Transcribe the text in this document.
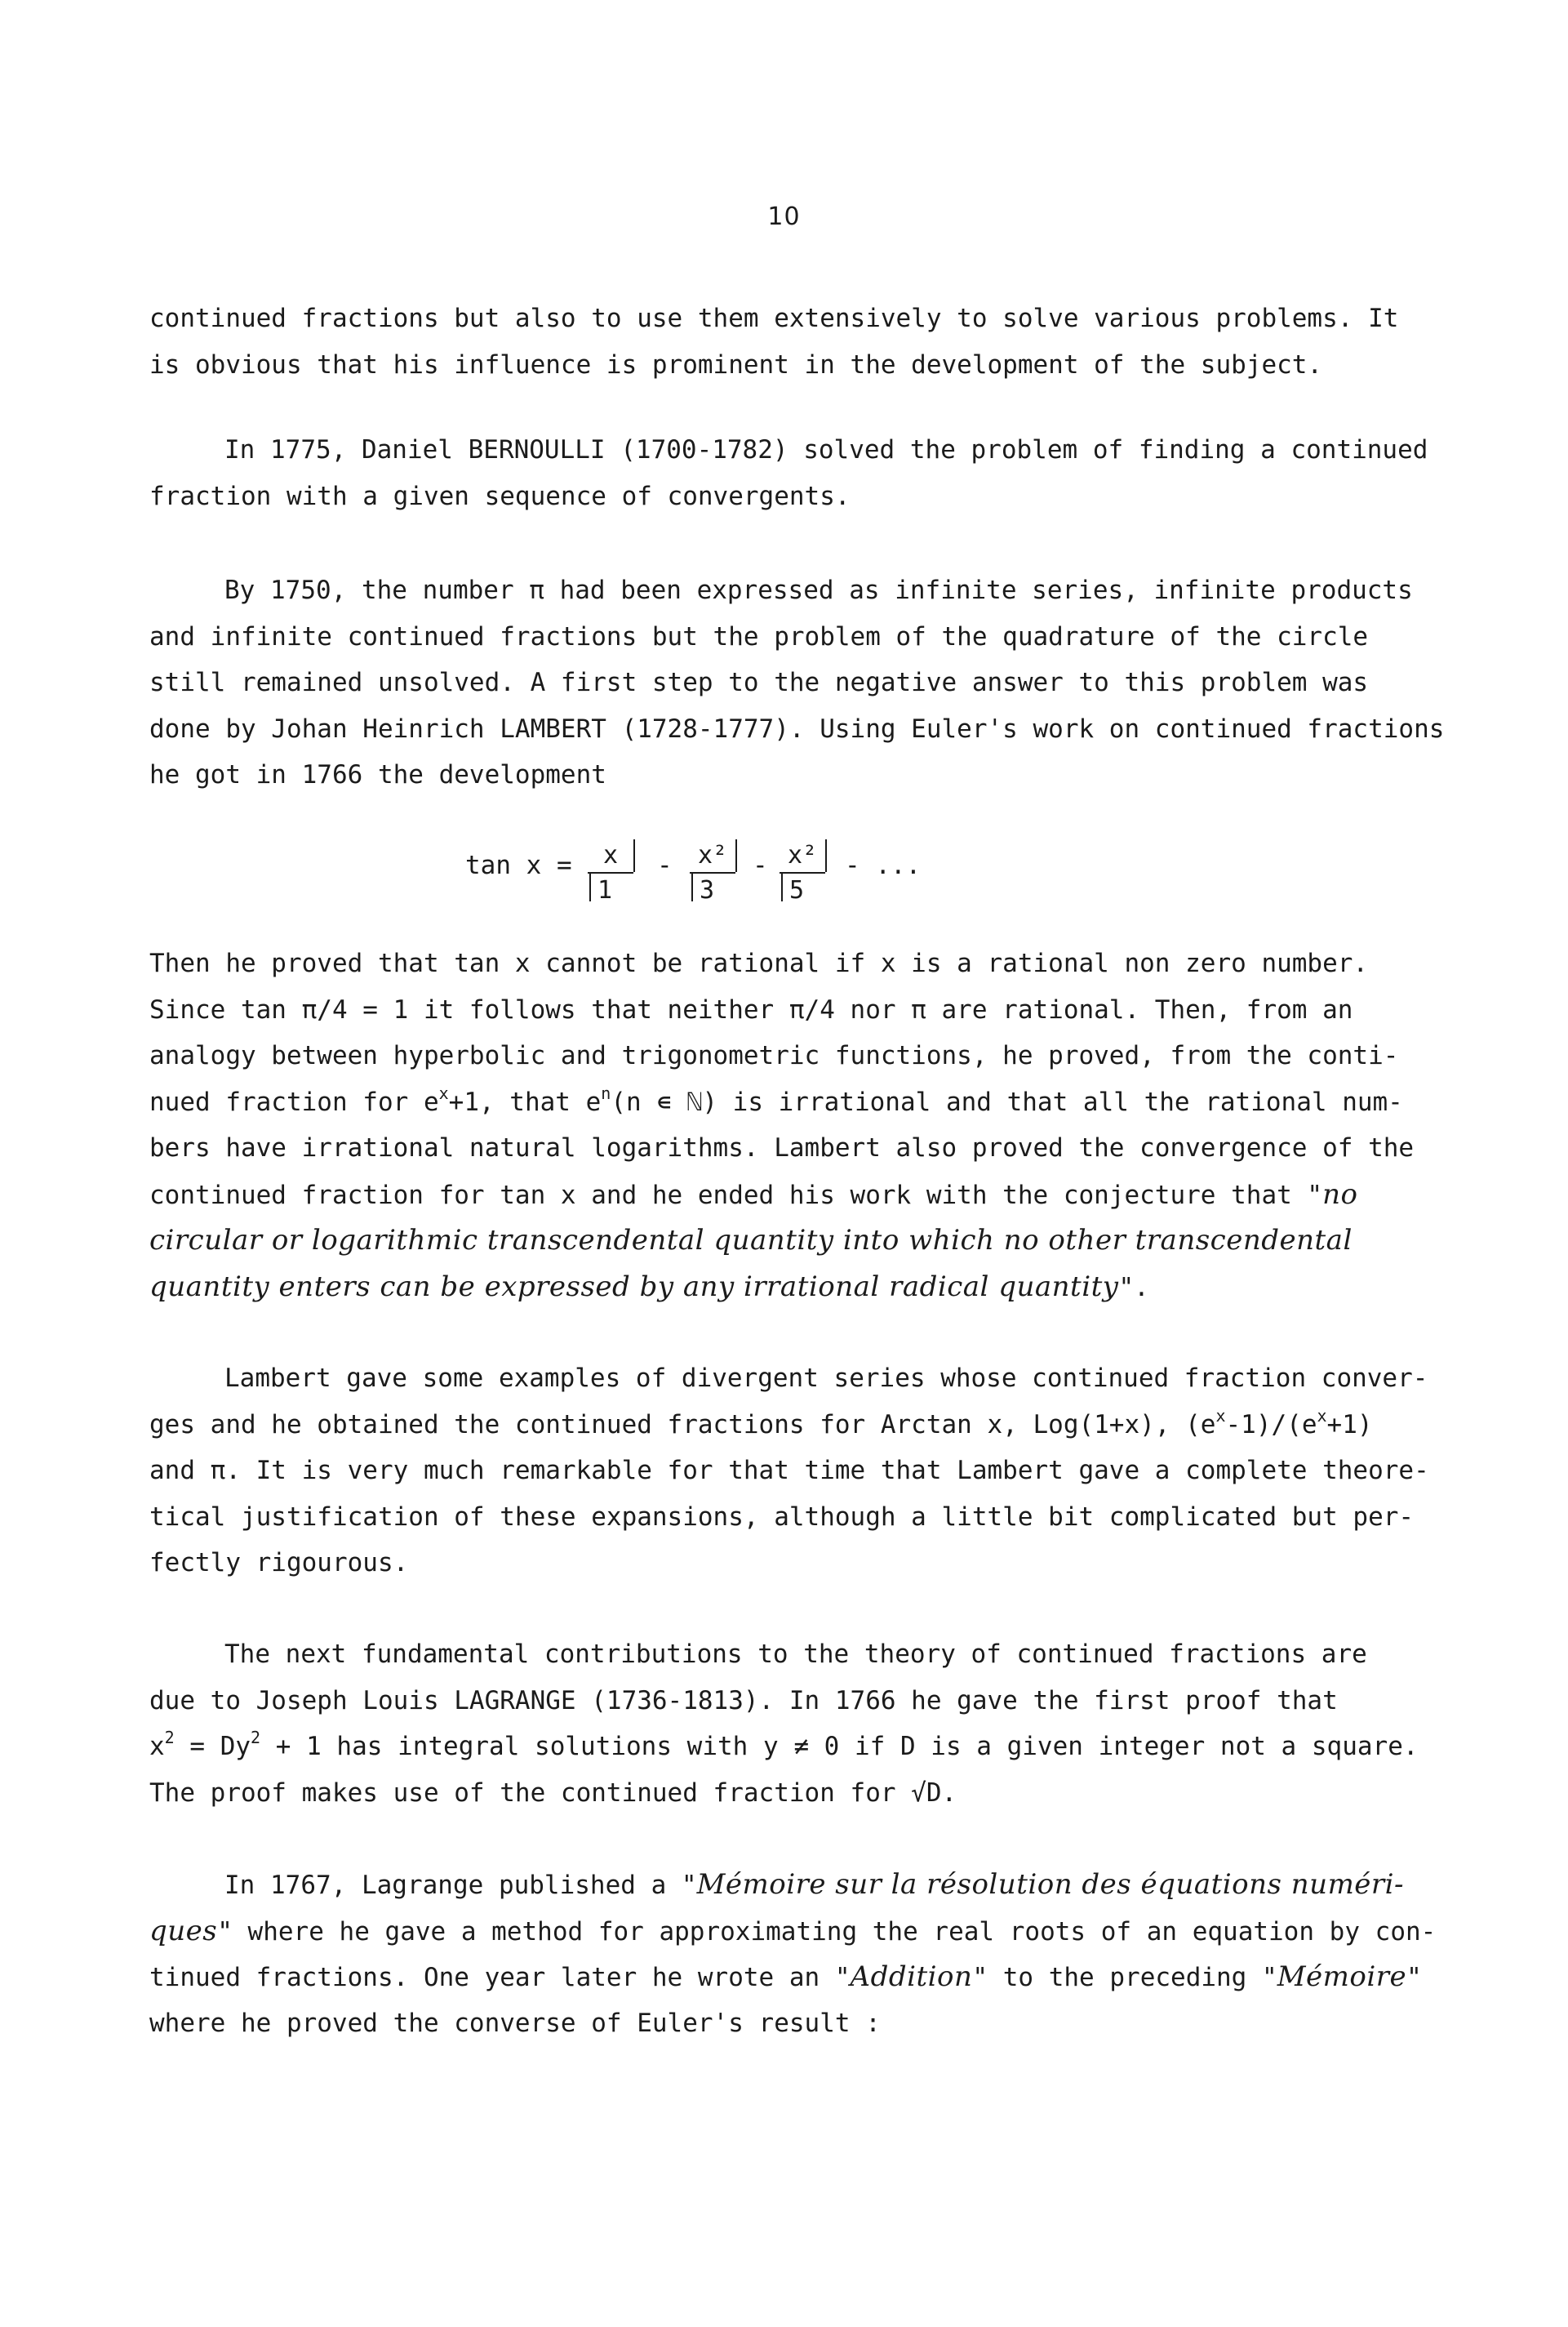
10
continued fractions but also to use them extensively to solve various problems. It
is obvious that his influence is prominent in the development of the subject.
In 1775, Daniel BERNOULLI (1700-1782) solved the problem of finding a continued
fraction with a given sequence of convergents.
By 1750, the number π had been expressed as infinite series, infinite products
and infinite continued fractions but the problem of the quadrature of the circle
still remained unsolved. A first step to the negative answer to this problem was
done by Johan Heinrich LAMBERT (1728-1777). Using Euler's work on continued fractions
he got in 1766 the development
tan x =	x
1
-	x²
3
- x²
5
- ...
Then he proved that tan x cannot be rational if x is a rational non zero number.
Since tan π/4 = 1 it follows that neither π/4 nor π are rational. Then, from an
analogy between hyperbolic and trigonometric functions, he proved, from the conti-
nued fraction for $e^x+1$, that $e^n(n$ ∊ ℕ) is irrational and that all the rational num-
bers have irrational natural logarithms. Lambert also proved the convergence of the
continued fraction for tan x and he ended his work with the conjecture that "no
circular or logarithmic transcendental quantity into which no other transcendental
quantity enters can be expressed by any irrational radical quantity".
Lambert gave some examples of divergent series whose continued fraction conver-
ges and he obtained the continued fractions for Arctan x, Log(1+x), $(e^x-1)/(e^x+1)$
and π. It is very much remarkable for that time that Lambert gave a complete theore-
tical justification of these expansions, although a little bit complicated but per-
fectly rigourous.
The next fundamental contributions to the theory of continued fractions are
due to Joseph Louis LAGRANGE (1736-1813). In 1766 he gave the first proof that
$x^2 = Dy^2 + 1$ has integral solutions with y ≠ 0 if D is a given integer not a square.
The proof makes use of the continued fraction for √D.
In 1767, Lagrange published a "Mémoire sur la résolution des équations numéri-
ques" where he gave a method for approximating the real roots of an equation by con-
tinued fractions. One year later he wrote an "Addition" to the preceding "Mémoire"
where he proved the converse of Euler's result :
